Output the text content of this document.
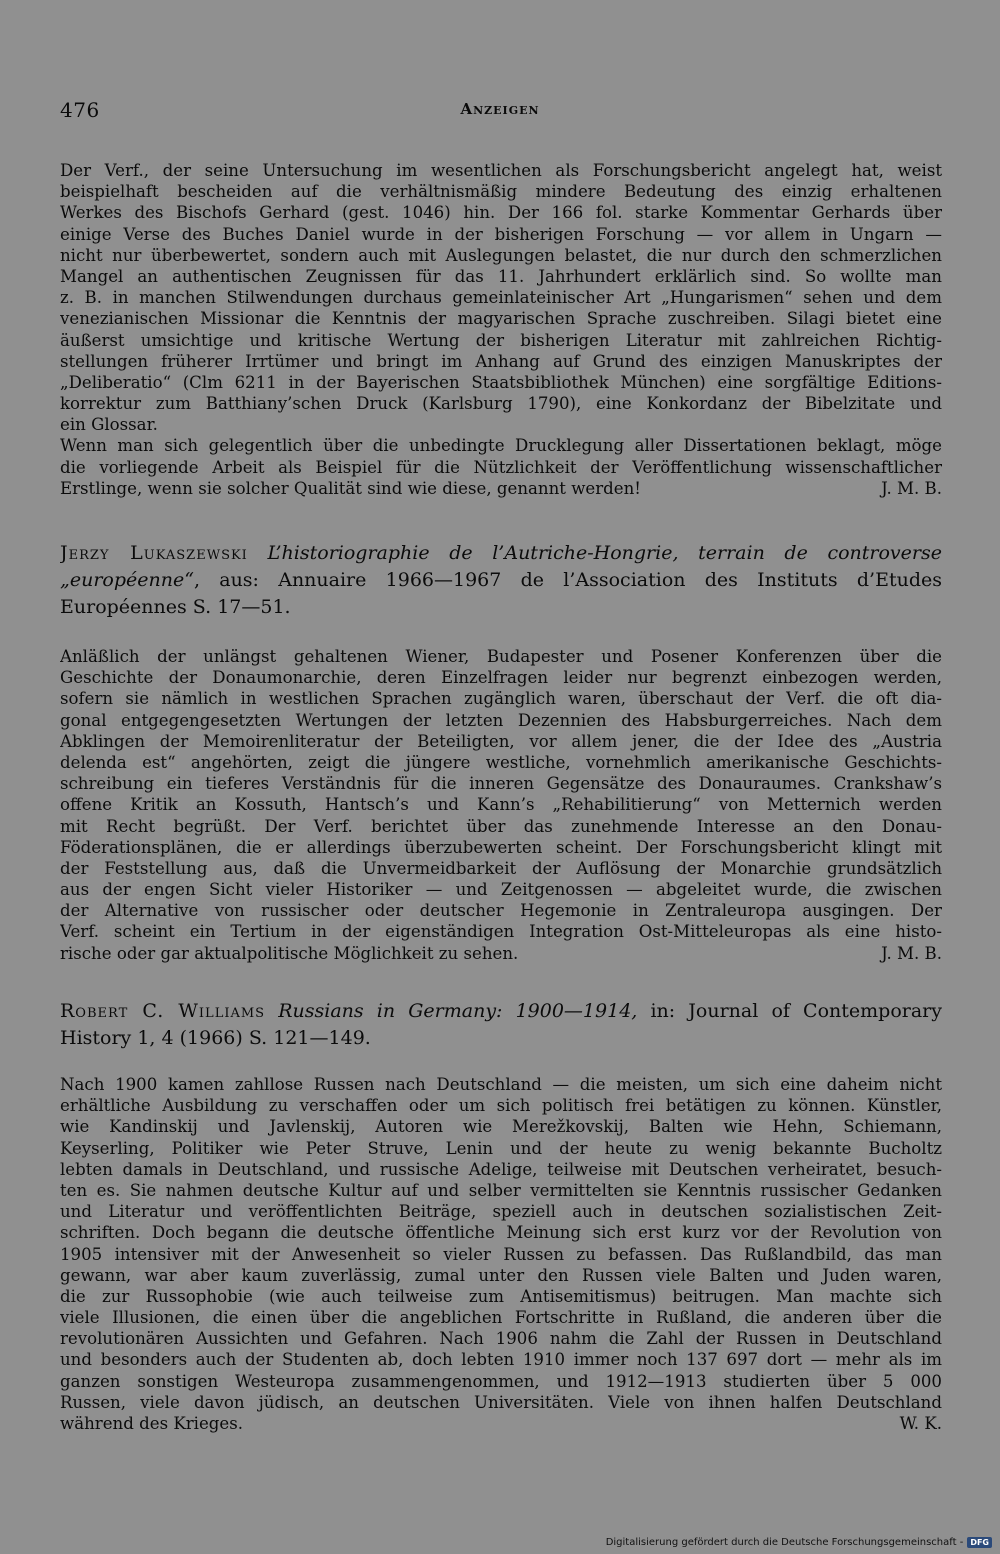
476	Anzeigen
Der Verf., der seine Untersuchung im wesentlichen als Forschungsbericht angelegt hat, weist
beispielhaft bescheiden auf die verhältnismäßig mindere Bedeutung des einzig erhaltenen
Werkes des Bischofs Gerhard (gest. 1046) hin. Der 166 fol. starke Kommentar Gerhards über
einige Verse des Buches Daniel wurde in der bisherigen Forschung — vor allem in Ungarn —
nicht nur überbewertet, sondern auch mit Auslegungen belastet, die nur durch den schmerzlichen
Mangel an authentischen Zeugnissen für das 11. Jahrhundert erklärlich sind. So wollte man
z. B. in manchen Stilwendungen durchaus gemeinlateinischer Art „Hungarismen“ sehen und dem
venezianischen Missionar die Kenntnis der magyarischen Sprache zuschreiben. Silagi bietet eine
äußerst umsichtige und kritische Wertung der bisherigen Literatur mit zahlreichen Richtig-
stellungen früherer Irrtümer und bringt im Anhang auf Grund des einzigen Manuskriptes der
„Deliberatio“ (Clm 6211 in der Bayerischen Staatsbibliothek München) eine sorgfältige Editions-
korrektur zum Batthiany’schen Druck (Karlsburg 1790), eine Konkordanz der Bibelzitate und
ein Glossar.
Wenn man sich gelegentlich über die unbedingte Drucklegung aller Dissertationen beklagt, möge
die vorliegende Arbeit als Beispiel für die Nützlichkeit der Veröffentlichung wissenschaftlicher
Erstlinge, wenn sie solcher Qualität sind wie diese, genannt werden!	J. M. B.
Jerzy Lukaszewski L’historiographie de l’Autriche-Hongrie, terrain de controverse
„européenne“, aus: Annuaire 1966—1967 de l’Association des Instituts d’Etudes
Européennes S. 17—51.
Anläßlich der unlängst gehaltenen Wiener, Budapester und Posener Konferenzen über die
Geschichte der Donaumonarchie, deren Einzelfragen leider nur begrenzt einbezogen werden,
sofern sie nämlich in westlichen Sprachen zugänglich waren, überschaut der Verf. die oft dia-
gonal entgegengesetzten Wertungen der letzten Dezennien des Habsburgerreiches. Nach dem
Abklingen der Memoirenliteratur der Beteiligten, vor allem jener, die der Idee des „Austria
delenda est“ angehörten, zeigt die jüngere westliche, vornehmlich amerikanische Geschichts-
schreibung ein tieferes Verständnis für die inneren Gegensätze des Donauraumes. Crankshaw’s
offene Kritik an Kossuth, Hantsch’s und Kann’s „Rehabilitierung“ von Metternich werden
mit Recht begrüßt. Der Verf. berichtet über das zunehmende Interesse an den Donau-
Föderationsplänen, die er allerdings überzubewerten scheint. Der Forschungsbericht klingt mit
der Feststellung aus, daß die Unvermeidbarkeit der Auflösung der Monarchie grundsätzlich
aus der engen Sicht vieler Historiker — und Zeitgenossen — abgeleitet wurde, die zwischen
der Alternative von russischer oder deutscher Hegemonie in Zentraleuropa ausgingen. Der
Verf. scheint ein Tertium in der eigenständigen Integration Ost-Mitteleuropas als eine histo-
rische oder gar aktualpolitische Möglichkeit zu sehen.	J. M. B.
Robert C. Williams Russians in Germany: 1900—1914, in: Journal of Contemporary
History 1, 4 (1966) S. 121—149.
Nach 1900 kamen zahllose Russen nach Deutschland — die meisten, um sich eine daheim nicht
erhältliche Ausbildung zu verschaffen oder um sich politisch frei betätigen zu können. Künstler,
wie Kandinskij und Javlenskij, Autoren wie Merežkovskij, Balten wie Hehn, Schiemann,
Keyserling, Politiker wie Peter Struve, Lenin und der heute zu wenig bekannte Bucholtz
lebten damals in Deutschland, und russische Adelige, teilweise mit Deutschen verheiratet, besuch-
ten es. Sie nahmen deutsche Kultur auf und selber vermittelten sie Kenntnis russischer Gedanken
und Literatur und veröffentlichten Beiträge, speziell auch in deutschen sozialistischen Zeit-
schriften. Doch begann die deutsche öffentliche Meinung sich erst kurz vor der Revolution von
1905 intensiver mit der Anwesenheit so vieler Russen zu befassen. Das Rußlandbild, das man
gewann, war aber kaum zuverlässig, zumal unter den Russen viele Balten und Juden waren,
die zur Russophobie (wie auch teilweise zum Antisemitismus) beitrugen. Man machte sich
viele Illusionen, die einen über die angeblichen Fortschritte in Rußland, die anderen über die
revolutionären Aussichten und Gefahren. Nach 1906 nahm die Zahl der Russen in Deutschland
und besonders auch der Studenten ab, doch lebten 1910 immer noch 137 697 dort — mehr als im
ganzen sonstigen Westeuropa zusammengenommen, und 1912—1913 studierten über 5 000
Russen, viele davon jüdisch, an deutschen Universitäten. Viele von ihnen halfen Deutschland
während des Krieges.	W. K.
Digitalisierung gefördert durch die Deutsche Forschungsgemeinschaft - DFG
